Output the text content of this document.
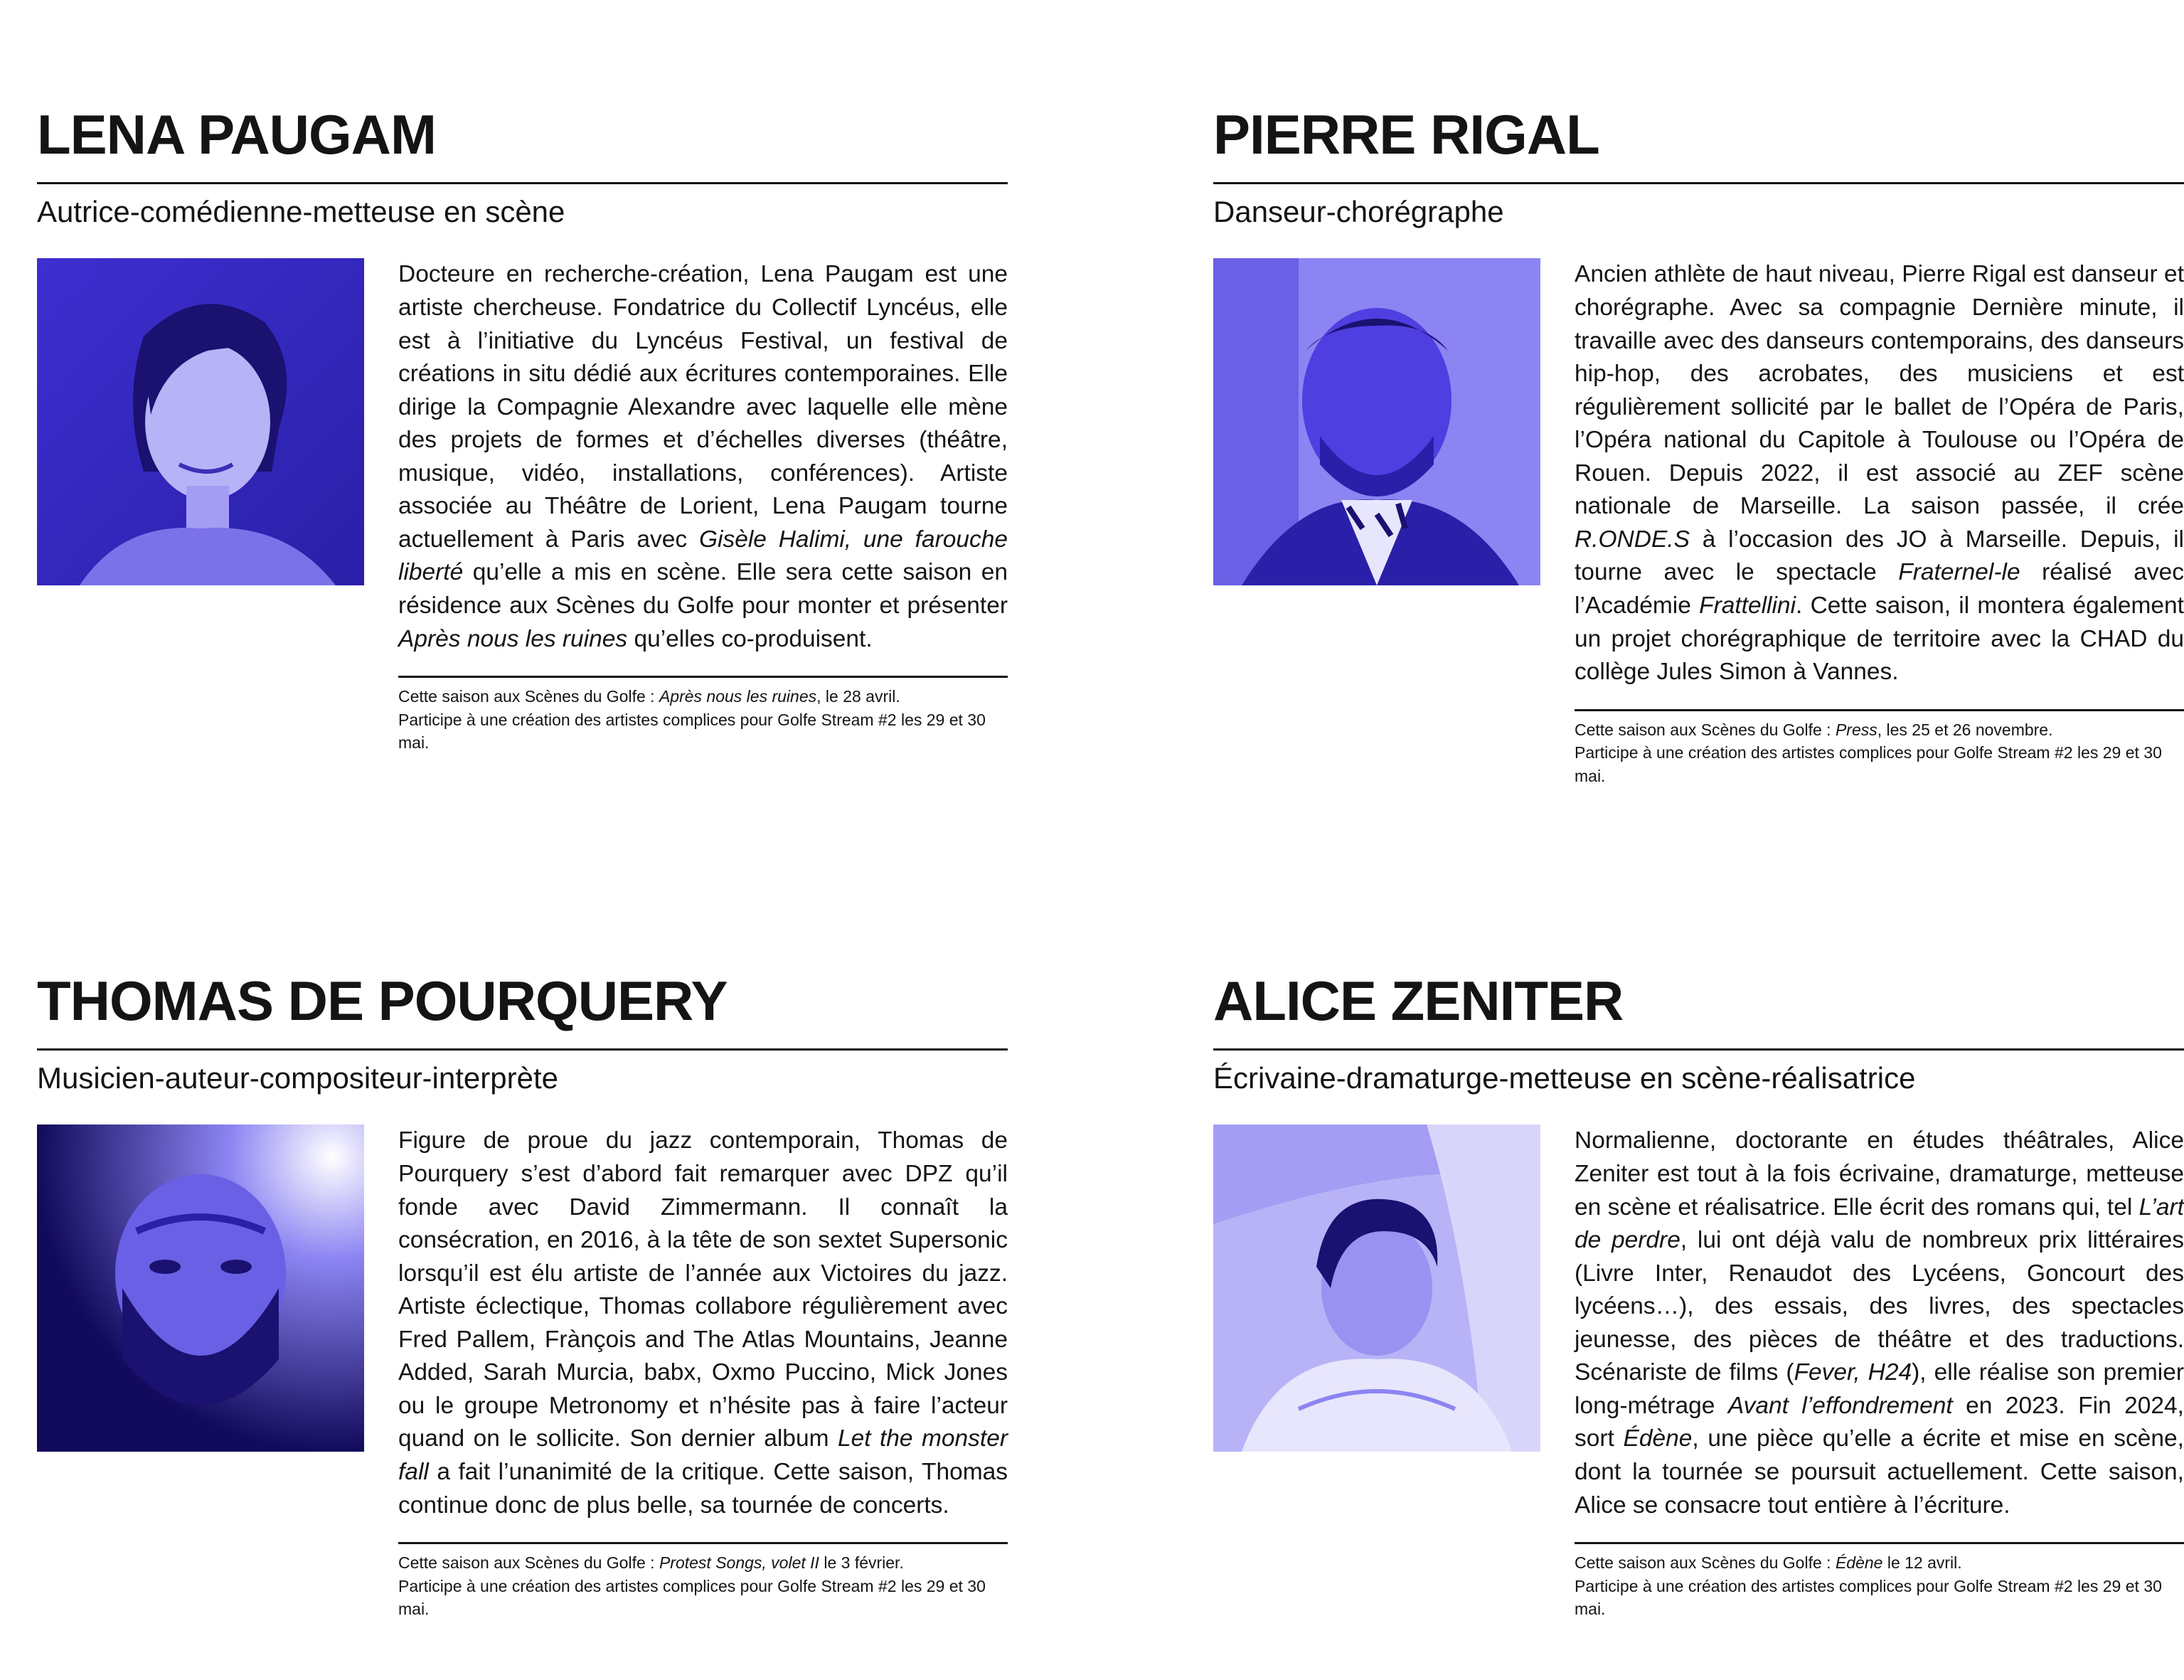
LENA PAUGAM
Autrice-comédienne-metteuse en scène

Docteure en recherche-création, Lena Paugam est une artiste chercheuse. Fondatrice du Collectif Lyncéus, elle est à l’initiative du Lyncéus Festival, un festival de créations in situ dédié aux écritures contemporaines. Elle dirige la Compagnie Alexandre avec laquelle elle mène des projets de formes et d’échelles diverses (théâtre, musique, vidéo, installations, conférences). Artiste associée au Théâtre de Lorient, Lena Paugam tourne actuellement à Paris avec Gisèle Halimi, une farouche liberté qu’elle a mis en scène. Elle sera cette saison en résidence aux Scènes du Golfe pour monter et présenter Après nous les ruines qu’elles co-produisent.

Cette saison aux Scènes du Golfe : Après nous les ruines, le 28 avril.

Participe à une création des artistes complices pour Golfe Stream #2 les 29 et 30 mai.

PIERRE RIGAL
Danseur-chorégraphe

Ancien athlète de haut niveau, Pierre Rigal est danseur et chorégraphe. Avec sa compagnie Dernière minute, il travaille avec des danseurs contemporains, des danseurs hip-hop, des acrobates, des musiciens et est régulièrement sollicité par le ballet de l’Opéra de Paris, l’Opéra national du Capitole à Toulouse ou l’Opéra de Rouen. Depuis 2022, il est associé au ZEF scène nationale de Marseille. La saison passée, il crée R.ONDE.S à l’occasion des JO à Marseille. Depuis, il tourne avec le spectacle Fraternel-le réalisé avec l’Académie Frattellini. Cette saison, il montera également un projet chorégraphique de territoire avec la CHAD du collège Jules Simon à Vannes.

Cette saison aux Scènes du Golfe : Press, les 25 et 26 novembre.

Participe à une création des artistes complices pour Golfe Stream #2 les 29 et 30 mai.

THOMAS DE POURQUERY
Musicien-auteur-compositeur-interprète

Figure de proue du jazz contemporain, Thomas de Pourquery s’est d’abord fait remarquer avec DPZ qu’il fonde avec David Zimmermann. Il connaît la consécration, en 2016, à la tête de son sextet Supersonic lorsqu’il est élu artiste de l’année aux Victoires du jazz. Artiste éclectique, Thomas collabore régulièrement avec Fred Pallem, Frànçois and The Atlas Mountains, Jeanne Added, Sarah Murcia, babx, Oxmo Puccino, Mick Jones ou le groupe Metronomy et n’hésite pas à faire l’acteur quand on le sollicite. Son dernier album Let the monster fall a fait l’unanimité de la critique. Cette saison, Thomas continue donc de plus belle, sa tournée de concerts.

Cette saison aux Scènes du Golfe : Protest Songs, volet II le 3 février.

Participe à une création des artistes complices pour Golfe Stream #2 les 29 et 30 mai.

ALICE ZENITER
Écrivaine-dramaturge-metteuse en scène-réalisatrice

Normalienne, doctorante en études théâtrales, Alice Zeniter est tout à la fois écrivaine, dramaturge, metteuse en scène et réalisatrice. Elle écrit des romans qui, tel L’art de perdre, lui ont déjà valu de nombreux prix littéraires (Livre Inter, Renaudot des Lycéens, Goncourt des lycéens…), des essais, des livres, des spectacles jeunesse, des pièces de théâtre et des traductions. Scénariste de films (Fever, H24), elle réalise son premier long-métrage Avant l’effondrement en 2023. Fin 2024, sort Édène, une pièce qu’elle a écrite et mise en scène, dont la tournée se poursuit actuellement. Cette saison, Alice se consacre tout entière à l’écriture.

Cette saison aux Scènes du Golfe : Édène le 12 avril.

Participe à une création des artistes complices pour Golfe Stream #2 les 29 et 30 mai.
